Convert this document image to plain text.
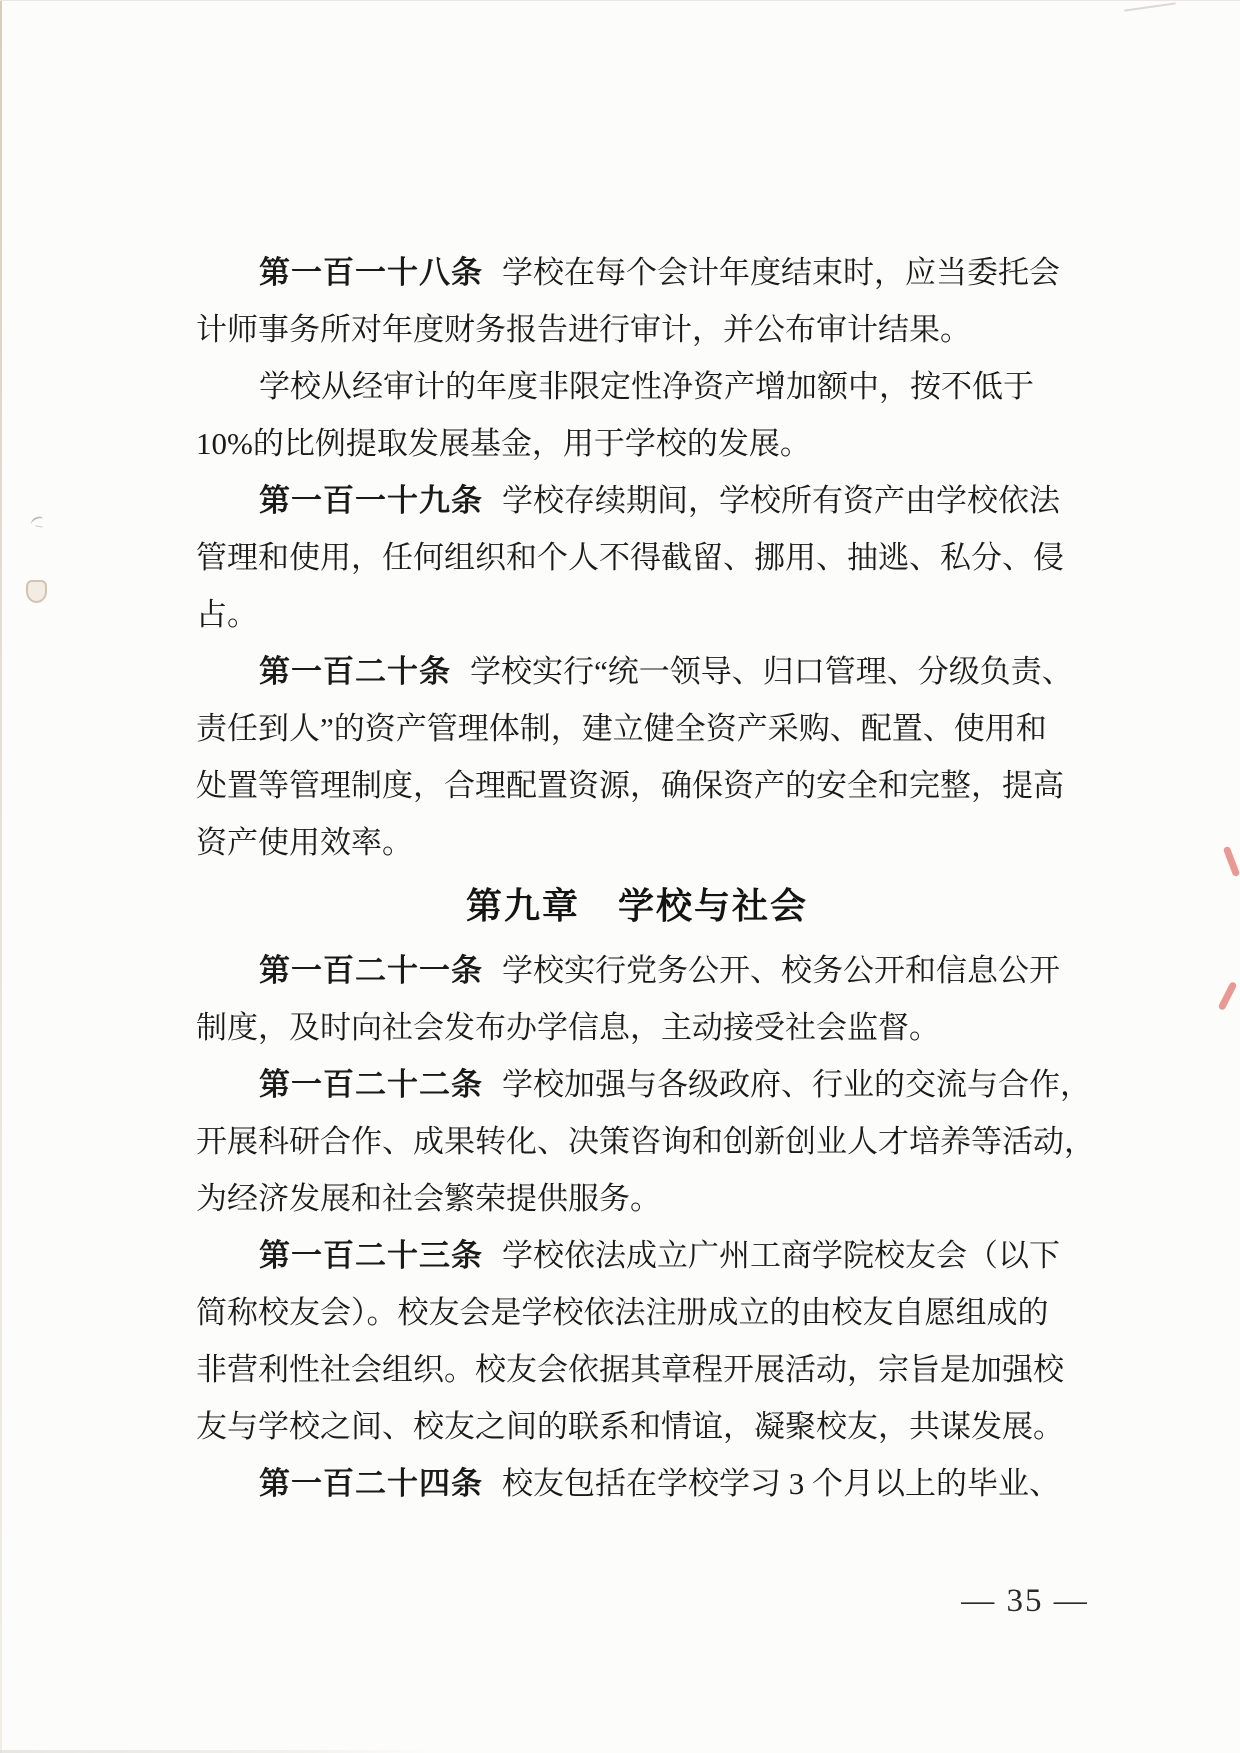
第一百一十八条 学校在每个会计年度结束时，应当委托会
计师事务所对年度财务报告进行审计，并公布审计结果。
学校从经审计的年度非限定性净资产增加额中，按不低于
10%的比例提取发展基金，用于学校的发展。
第一百一十九条 学校存续期间，学校所有资产由学校依法
管理和使用，任何组织和个人不得截留、挪用、抽逃、私分、侵
占。
第一百二十条 学校实行“统一领导、归口管理、分级负责、
责任到人”的资产管理体制，建立健全资产采购、配置、使用和
处置等管理制度，合理配置资源，确保资产的安全和完整，提高
资产使用效率。
第九章　学校与社会
第一百二十一条 学校实行党务公开、校务公开和信息公开
制度，及时向社会发布办学信息，主动接受社会监督。
第一百二十二条 学校加强与各级政府、行业的交流与合作，
开展科研合作、成果转化、决策咨询和创新创业人才培养等活动，
为经济发展和社会繁荣提供服务。
第一百二十三条 学校依法成立广州工商学院校友会（以下
简称校友会）。校友会是学校依法注册成立的由校友自愿组成的
非营利性社会组织。校友会依据其章程开展活动，宗旨是加强校
友与学校之间、校友之间的联系和情谊，凝聚校友，共谋发展。
第一百二十四条 校友包括在学校学习 3 个月以上的毕业、
— 35 —
